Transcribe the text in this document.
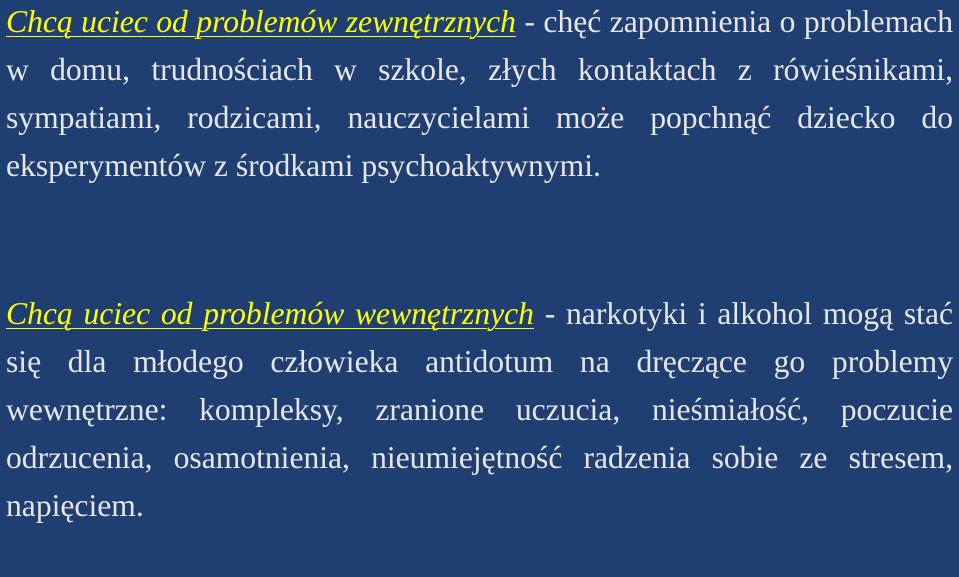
Chcą uciec od problemów zewnętrznych - chęć zapomnienia o problemach w domu, trudnościach w szkole, złych kontaktach z rówieśnikami, sympatiami, rodzicami, nauczycielami może popchnąć dziecko do eksperymentów z środkami psychoaktywnymi.

Chcą uciec od problemów wewnętrznych - narkotyki i alkohol mogą stać się dla młodego człowieka antidotum na dręczące go problemy wewnętrzne: kompleksy, zranione uczucia, nieśmiałość, poczucie odrzucenia, osamotnienia, nieumiejętność radzenia sobie ze stresem, napięciem.
